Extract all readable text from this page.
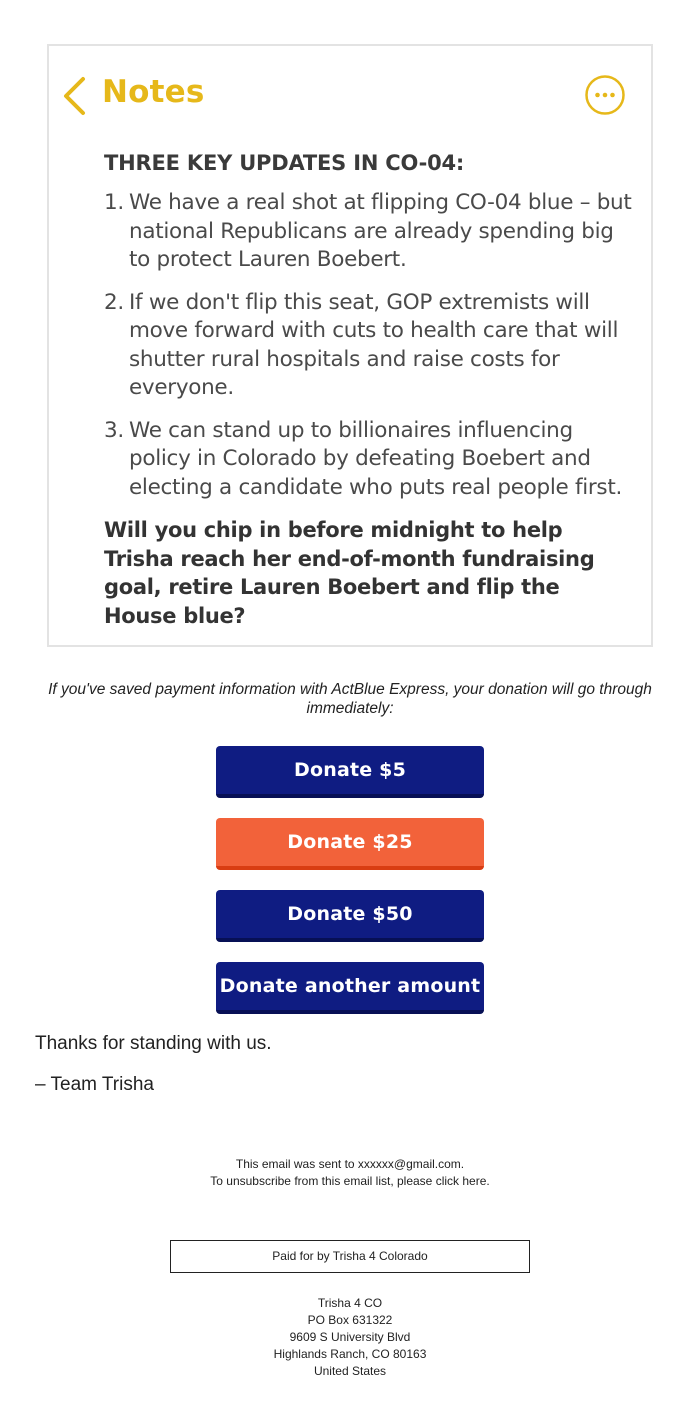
Notes
THREE KEY UPDATES IN CO-04:
1. We have a real shot at flipping CO-04 blue – but national Republicans are already spending big to protect Lauren Boebert.
2. If we don't flip this seat, GOP extremists will move forward with cuts to health care that will shutter rural hospitals and raise costs for everyone.
3. We can stand up to billionaires influencing policy in Colorado by defeating Boebert and electing a candidate who puts real people first.
Will you chip in before midnight to help Trisha reach her end-of-month fundraising goal, retire Lauren Boebert and flip the House blue?
If you've saved payment information with ActBlue Express, your donation will go through immediately:
Donate $5
Donate $25
Donate $50
Donate another amount
Thanks for standing with us.
– Team Trisha
This email was sent to xxxxxx@gmail.com.
To unsubscribe from this email list, please click here.
Paid for by Trisha 4 Colorado
Trisha 4 CO
PO Box 631322
9609 S University Blvd
Highlands Ranch, CO 80163
United States
